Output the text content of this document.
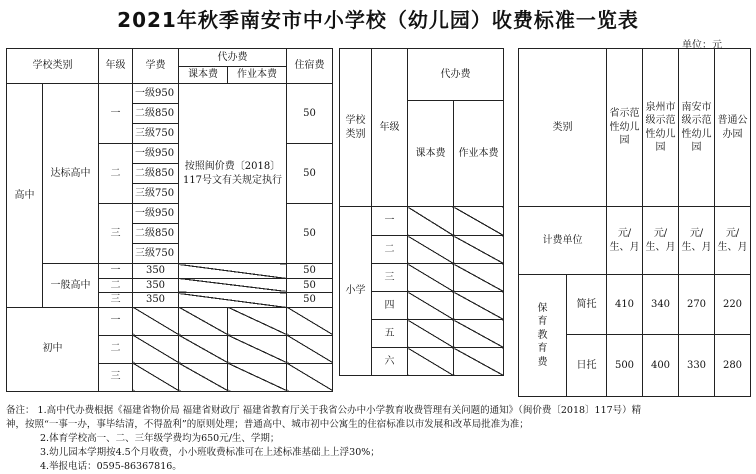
2021年秋季南安市中小学校（幼儿园）收费标准一览表
单位：元
学校类别		年级	学费	代办费		住宿费
				课本费	作业本费	
高中	达标高中	一	一级950	按照闽价费〔2018〕117号文有关规定执行		50
			二级850			
			三级750			
		二	一级950			50
			二级850			
			三级750			
		三	一级950			50
			二级850			
			三级750			
	一般高中	一	350			50
		二	350			50
		三	350			50
初中		一				
		二				
		三				
学校类别	年级	代办费	
		课本费	作业本费
小学	一		
	二		
	三		
	四		
	五		
	六		
类别		省示范性幼儿园	泉州市级示范性幼儿园	南安市级示范性幼儿园	普通公办园

计费单位		元/生、月	元/生、月	元/生、月	元/生、月

保育教育费	简托	410	340	270	220
	日托	500	400	330	280
备注： 1.高中代办费根据《福建省物价局 福建省财政厅 福建省教育厅关于我省公办中小学教育收费管理有关问题的通知》（闽价费〔2018〕117号）精
神，按照“一事一办，事毕结清，不得盈利”的原则处理；普通高中、城市初中公寓生的住宿标准以市发展和改革局批准为准；
2.体育学校高一、二、三年级学费均为650元/生、学期；
3.幼儿园本学期按4.5个月收费，小小班收费标准可在上述标准基础上上浮30%；
4.举报电话：0595-86367816。
